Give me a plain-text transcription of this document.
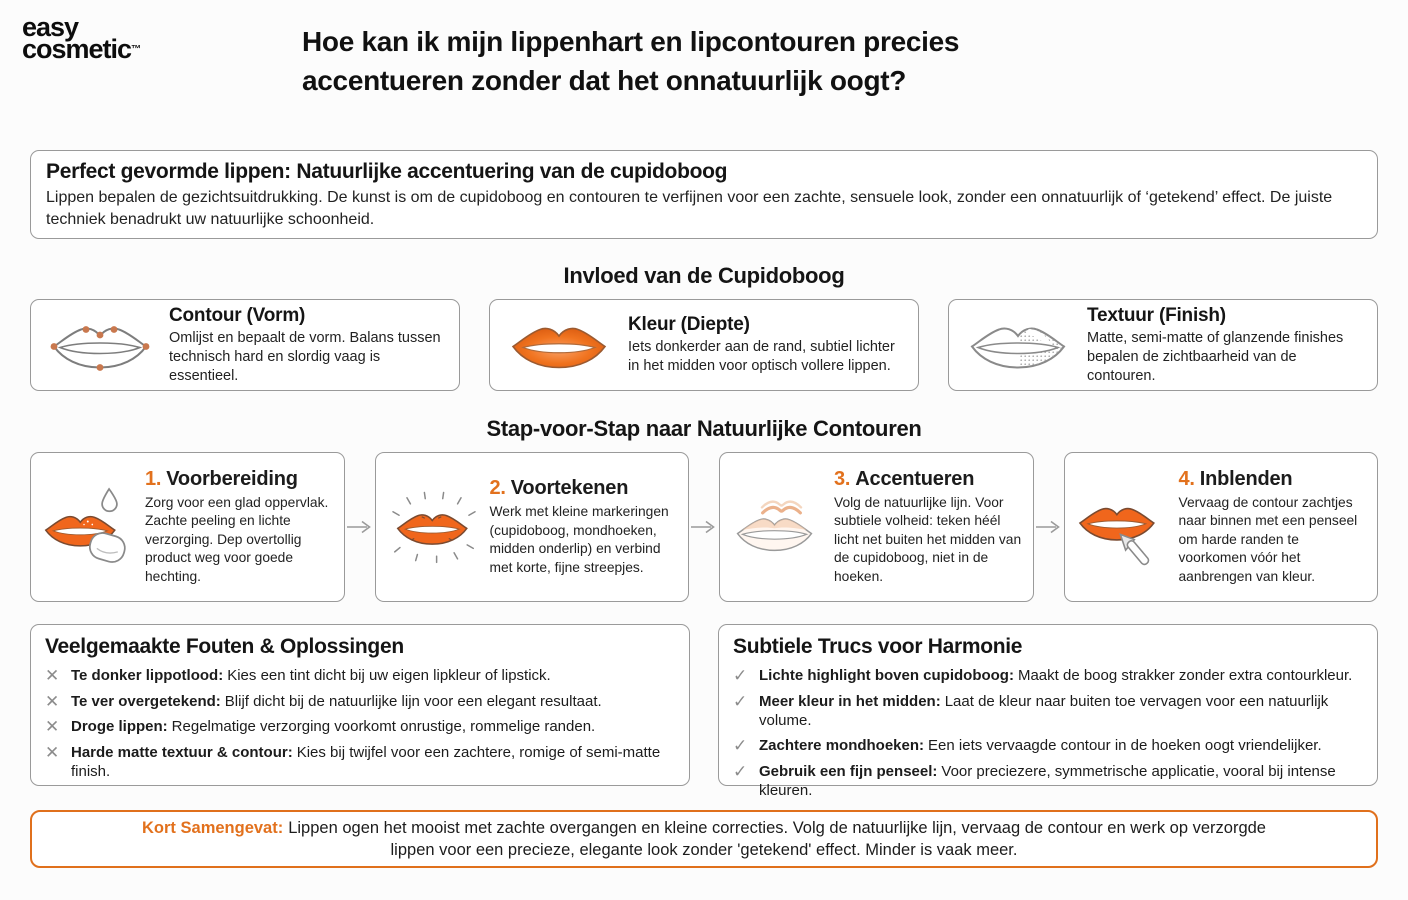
easy
cosmetic™	Hoe kan ik mijn lippenhart en lipcontouren precies
accentueren zonder dat het onnatuurlijk oogt?
Perfect gevormde lippen: Natuurlijke accentuering van de cupidoboog

Lippen bepalen de gezichtsuitdrukking. De kunst is om de cupidoboog en contouren te verfijnen voor een zachte, sensuele look, zonder een onnatuurlijk of ‘getekend’ effect. De juiste techniek benadrukt uw natuurlijke schoonheid.

Invloed van de Cupidoboog
Contour (Vorm)

Omlijst en bepaalt de vorm. Balans tussen technisch hard en slordig vaag is essentieel.

Kleur (Diepte)

Iets donkerder aan de rand, subtiel lichter in het midden voor optisch vollere lippen.

Textuur (Finish)

Matte, semi-matte of glanzende finishes bepalen de zichtbaarheid van de contouren.

Stap-voor-Stap naar Natuurlijke Contouren
1. Voorbereiding

Zorg voor een glad oppervlak. Zachte peeling en lichte verzorging. Dep overtollig product weg voor goede hechting.

2. Voortekenen

Werk met kleine markeringen (cupidoboog, mondhoeken, midden onderlip) en verbind met korte, fijne streepjes.

3. Accentueren

Volg de natuurlijke lijn. Voor subtiele volheid: teken héél licht net buiten het midden van de cupidoboog, niet in de hoeken.

4. Inblenden

Vervaag de contour zachtjes naar binnen met een penseel om harde randen te voorkomen vóór het aanbrengen van kleur.

Veelgemaakte Fouten & Oplossingen
✕ Te donker lippotlood: Kies een tint dicht bij uw eigen lipkleur of lipstick.
✕ Te ver overgetekend: Blijf dicht bij de natuurlijke lijn voor een elegant resultaat.
✕ Droge lippen: Regelmatige verzorging voorkomt onrustige, rommelige randen.
✕ Harde matte textuur & contour: Kies bij twijfel voor een zachtere, romige of semi-matte finish.
Subtiele Trucs voor Harmonie
✓ Lichte highlight boven cupidoboog: Maakt de boog strakker zonder extra contourkleur.
✓ Meer kleur in het midden: Laat de kleur naar buiten toe vervagen voor een natuurlijk volume.
✓ Zachtere mondhoeken: Een iets vervaagde contour in de hoeken oogt vriendelijker.
✓ Gebruik een fijn penseel: Voor preciezere, symmetrische applicatie, vooral bij intense kleuren.
Kort Samengevat: Lippen ogen het mooist met zachte overgangen en kleine correcties. Volg de natuurlijke lijn, vervaag de contour en werk op verzorgde lippen voor een precieze, elegante look zonder 'getekend' effect. Minder is vaak meer.
